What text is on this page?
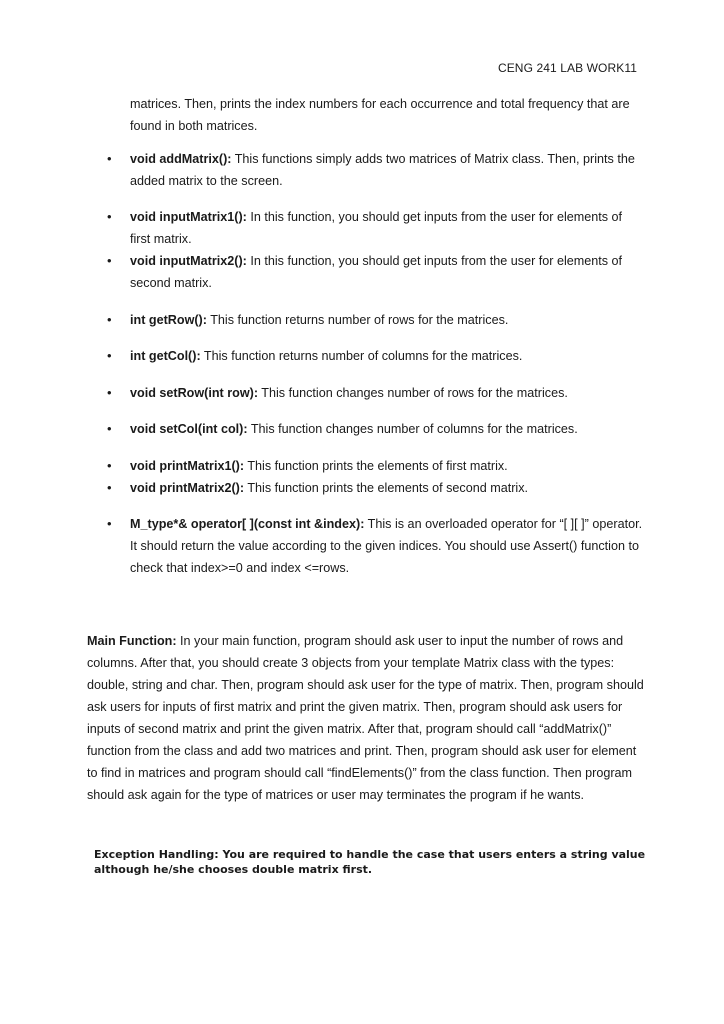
CENG 241 LAB WORK11
matrices. Then, prints the index numbers for each occurrence and total frequency that are found in both matrices.
• void addMatrix(): This functions simply adds two matrices of Matrix class. Then, prints the added matrix to the screen.
• void inputMatrix1(): In this function, you should get inputs from the user for elements of first matrix.
• void inputMatrix2(): In this function, you should get inputs from the user for elements of second matrix.
• int getRow(): This function returns number of rows for the matrices.
• int getCol(): This function returns number of columns for the matrices.
• void setRow(int row): This function changes number of rows for the matrices.
• void setCol(int col): This function changes number of columns for the matrices.
• void printMatrix1(): This function prints the elements of first matrix.
• void printMatrix2(): This function prints the elements of second matrix.
• M_type*& operator[ ](const int &index): This is an overloaded operator for “[ ][ ]” operator. It should return the value according to the given indices. You should use Assert() function to check that index>=0 and index <=rows.
Main Function: In your main function, program should ask user to input the number of rows and columns. After that, you should create 3 objects from your template Matrix class with the types: double, string and char. Then, program should ask user for the type of matrix. Then, program should ask users for inputs of first matrix and print the given matrix. Then, program should ask users for inputs of second matrix and print the given matrix. After that, program should call “addMatrix()” function from the class and add two matrices and print. Then, program should ask user for element to find in matrices and program should call “findElements()” from the class function. Then program should ask again for the type of matrices or user may terminates the program if he wants.
Exception Handling: You are required to handle the case that users enters a string value although he/she chooses double matrix first.
